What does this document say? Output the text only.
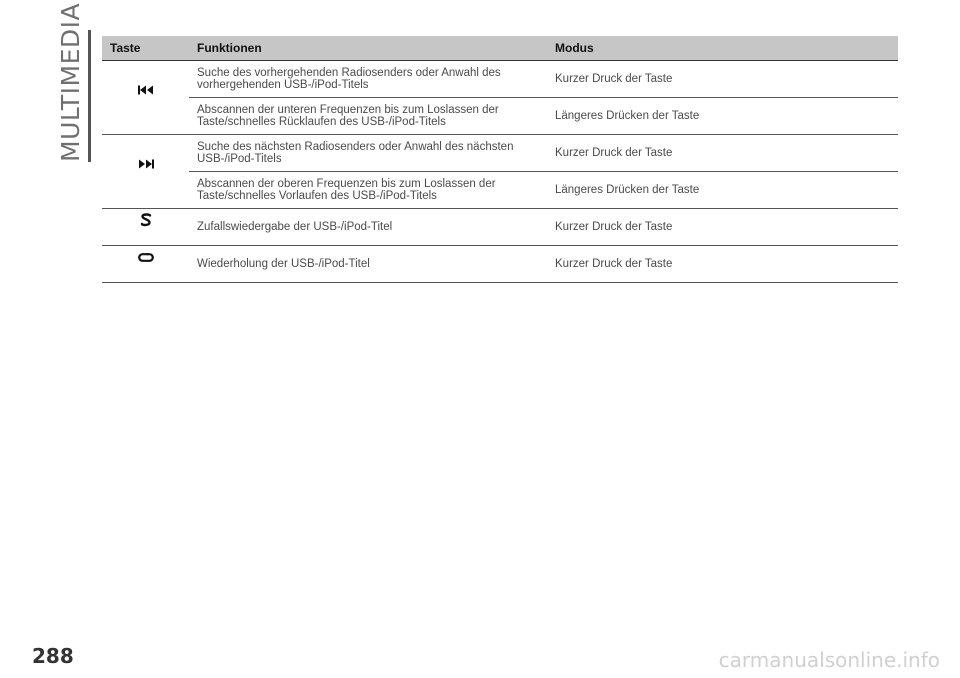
MULTIMEDIA Taste	Funktionen	Modus

	Suche des vorhergehenden Radiosenders oder Anwahl des vorhergehenden USB-/iPod-Titels	Kurzer Druck der Taste
	Abscannen der unteren Frequenzen bis zum Loslassen der Taste/schnelles Rücklaufen des USB-/iPod-Titels	Längeres Drücken der Taste

	Suche des nächsten Radiosenders oder Anwahl des nächsten USB-/iPod-Titels	Kurzer Druck der Taste
	Abscannen der oberen Frequenzen bis zum Loslassen der Taste/schnelles Vorlaufen des USB-/iPod-Titels	Längeres Drücken der Taste

	Zufallswiedergabe der USB-/iPod-Titel	Kurzer Druck der Taste

	Wiederholung der USB-/iPod-Titel	Kurzer Druck der Taste
288	carmanualsonline.info
